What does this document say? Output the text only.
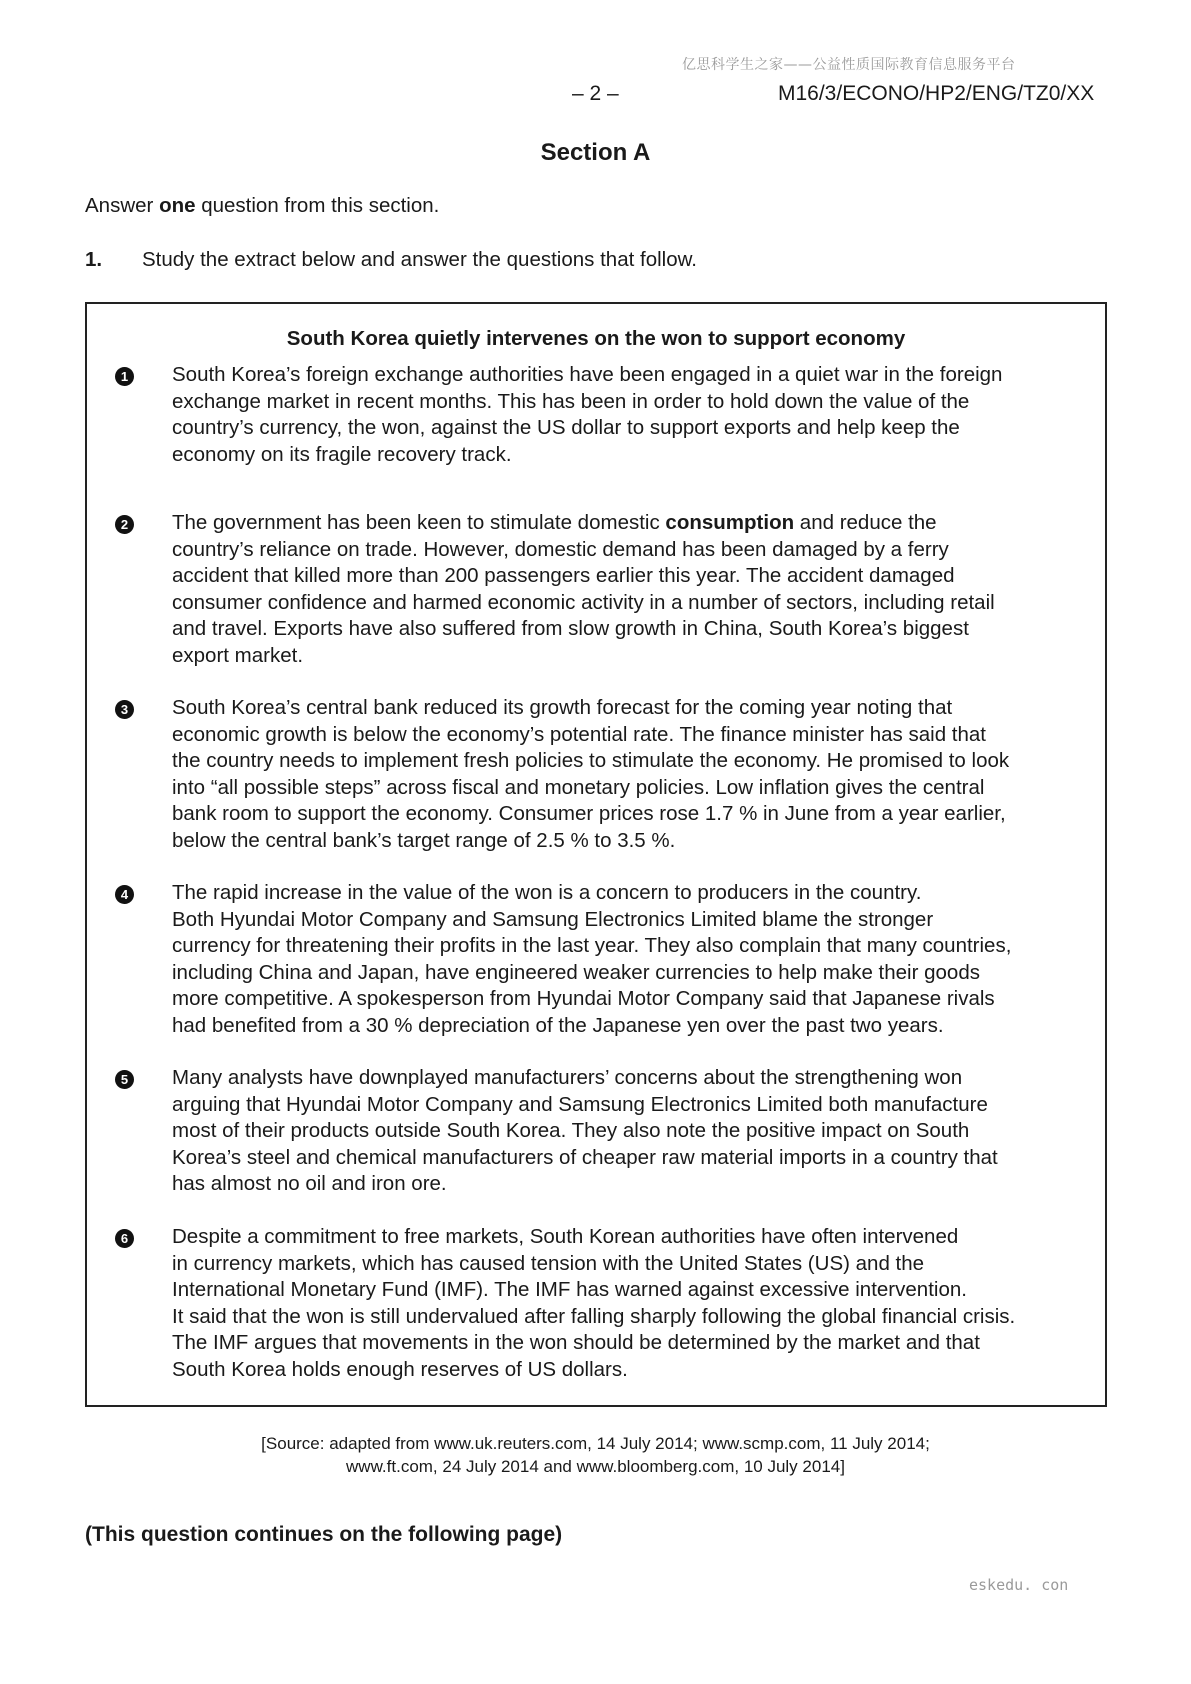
亿思科学生之家——公益性质国际教育信息服务平台
– 2 –	M16/3/ECONO/HP2/ENG/TZ0/XX
Section A
Answer one question from this section.
1. Study the extract below and answer the questions that follow.
South Korea quietly intervenes on the won to support economy
1 South Korea’s foreign exchange authorities have been engaged in a quiet war in the foreign
exchange market in recent months. This has been in order to hold down the value of the
country’s currency, the won, against the US dollar to support exports and help keep the
economy on its fragile recovery track.
2 The government has been keen to stimulate domestic consumption and reduce the
country’s reliance on trade. However, domestic demand has been damaged by a ferry
accident that killed more than 200 passengers earlier this year. The accident damaged
consumer confidence and harmed economic activity in a number of sectors, including retail
and travel. Exports have also suffered from slow growth in China, South Korea’s biggest
export market.
3 South Korea’s central bank reduced its growth forecast for the coming year noting that
economic growth is below the economy’s potential rate. The finance minister has said that
the country needs to implement fresh policies to stimulate the economy. He promised to look
into “all possible steps” across fiscal and monetary policies. Low inflation gives the central
bank room to support the economy. Consumer prices rose 1.7 % in June from a year earlier,
below the central bank’s target range of 2.5 % to 3.5 %.
4 The rapid increase in the value of the won is a concern to producers in the country.
Both Hyundai Motor Company and Samsung Electronics Limited blame the stronger
currency for threatening their profits in the last year. They also complain that many countries,
including China and Japan, have engineered weaker currencies to help make their goods
more competitive. A spokesperson from Hyundai Motor Company said that Japanese rivals
had benefited from a 30 % depreciation of the Japanese yen over the past two years.
5 Many analysts have downplayed manufacturers’ concerns about the strengthening won
arguing that Hyundai Motor Company and Samsung Electronics Limited both manufacture
most of their products outside South Korea. They also note the positive impact on South
Korea’s steel and chemical manufacturers of cheaper raw material imports in a country that
has almost no oil and iron ore.
6 Despite a commitment to free markets, South Korean authorities have often intervened
in currency markets, which has caused tension with the United States (US) and the
International Monetary Fund (IMF). The IMF has warned against excessive intervention.
It said that the won is still undervalued after falling sharply following the global financial crisis.
The IMF argues that movements in the won should be determined by the market and that
South Korea holds enough reserves of US dollars.
[Source: adapted from www.uk.reuters.com, 14 July 2014; www.scmp.com, 11 July 2014;
www.ft.com, 24 July 2014 and www.bloomberg.com, 10 July 2014]
(This question continues on the following page)
eskedu. con
